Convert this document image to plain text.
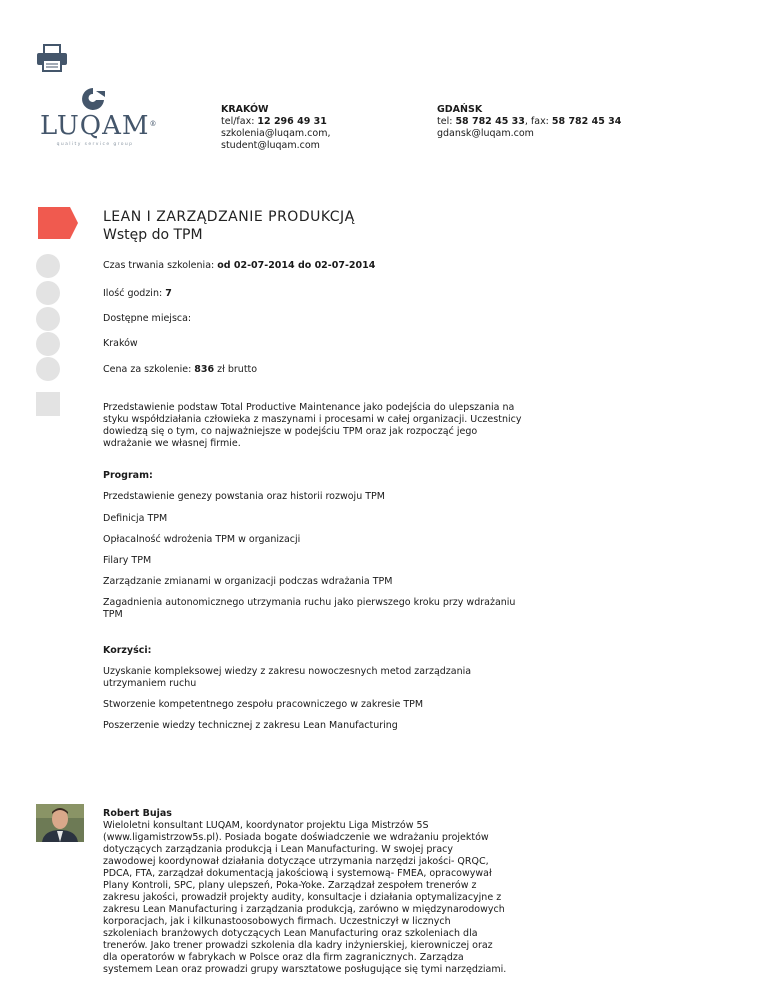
LUQAM®
quality service group
KRAKÓW
tel/fax: 12 296 49 31
szkolenia@luqam.com, student@luqam.com
GDAŃSK
tel: 58 782 45 33, fax: 58 782 45 34
gdansk@luqam.com
LEAN I ZARZĄDZANIE PRODUKCJĄ
Wstęp do TPM
Czas trwania szkolenia: od 02-07-2014 do 02-07-2014
Ilość godzin: 7
Dostępne miejsca:
Kraków
Cena za szkolenie: 836 zł brutto
Przedstawienie podstaw Total Productive Maintenance jako podejścia do ulepszania na styku współdziałania człowieka z maszynami i procesami w całej organizacji. Uczestnicy dowiedzą się o tym, co najważniejsze w podejściu TPM oraz jak rozpocząć jego wdrażanie we własnej firmie.
Program:
Przedstawienie genezy powstania oraz historii rozwoju TPM
Definicja TPM
Opłacalność wdrożenia TPM w organizacji
Filary TPM
Zarządzanie zmianami w organizacji podczas wdrażania TPM
Zagadnienia autonomicznego utrzymania ruchu jako pierwszego kroku przy wdrażaniu TPM
Korzyści:
Uzyskanie kompleksowej wiedzy z zakresu nowoczesnych metod zarządzania utrzymaniem ruchu
Stworzenie kompetentnego zespołu pracowniczego w zakresie TPM
Poszerzenie wiedzy technicznej z zakresu Lean Manufacturing
Robert Bujas
Wieloletni konsultant LUQAM, koordynator projektu Liga Mistrzów 5S (www.ligamistrzow5s.pl). Posiada bogate doświadczenie we wdrażaniu projektów dotyczących zarządzania produkcją i Lean Manufacturing. W swojej pracy zawodowej koordynował działania dotyczące utrzymania narzędzi jakości- QRQC, PDCA, FTA, zarządzał dokumentacją jakościową i systemową- FMEA, opracowywał Plany Kontroli, SPC, plany ulepszeń, Poka-Yoke. Zarządzał zespołem trenerów z zakresu jakości, prowadził projekty audity, konsultacje i działania optymalizacyjne z zakresu Lean Manufacturing i zarządzania produkcją, zarówno w międzynarodowych korporacjach, jak i kilkunastoosobowych firmach. Uczestniczył w licznych szkoleniach branżowych dotyczących Lean Manufacturing oraz szkoleniach dla trenerów. Jako trener prowadzi szkolenia dla kadry inżynierskiej, kierowniczej oraz dla operatorów w fabrykach w Polsce oraz dla firm zagranicznych. Zarządza systemem Lean oraz prowadzi grupy warsztatowe posługujące się tymi narzędziami.
